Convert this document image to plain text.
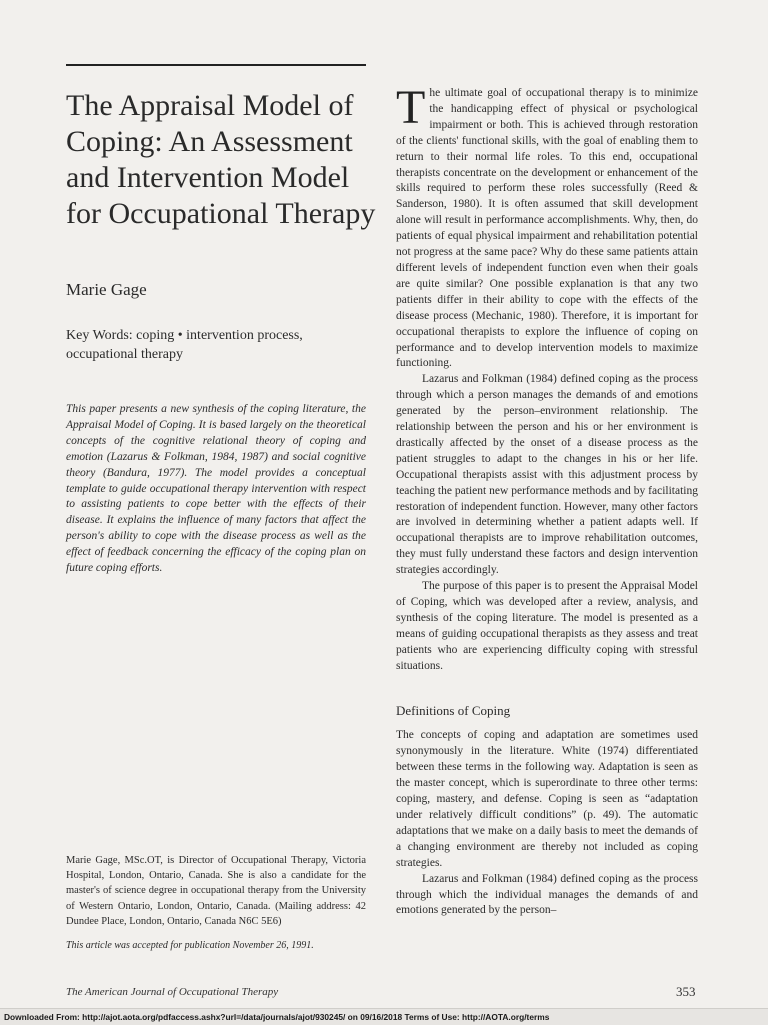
The Appraisal Model of Coping: An Assessment and Intervention Model for Occupational Therapy
Marie Gage
Key Words: coping • intervention process, occupational therapy

This paper presents a new synthesis of the coping literature, the Appraisal Model of Coping. It is based largely on the theoretical concepts of the cognitive relational theory of coping and emotion (Lazarus & Folkman, 1984, 1987) and social cognitive theory (Bandura, 1977). The model provides a conceptual template to guide occupational therapy intervention with respect to assisting patients to cope better with the effects of their disease. It explains the influence of many factors that affect the person's ability to cope with the disease process as well as the effect of feedback concerning the efficacy of the coping plan on future coping efforts.

Marie Gage, MSc.OT, is Director of Occupational Therapy, Victoria Hospital, London, Ontario, Canada. She is also a candidate for the master's of science degree in occupational therapy from the University of Western Ontario, London, Ontario, Canada. (Mailing address: 42 Dundee Place, London, Ontario, Canada N6C 5E6)

This article was accepted for publication November 26, 1991.

The ultimate goal of occupational therapy is to minimize the handicapping effect of physical or psychological impairment or both. This is achieved through restoration of the clients' functional skills, with the goal of enabling them to return to their normal life roles. To this end, occupational therapists concentrate on the development or enhancement of the skills required to perform these roles successfully (Reed & Sanderson, 1980). It is often assumed that skill development alone will result in performance accomplishments. Why, then, do patients of equal physical impairment and rehabilitation potential not progress at the same pace? Why do these same patients attain different levels of independent function even when their goals are quite similar? One possible explanation is that any two patients differ in their ability to cope with the effects of the disease process (Mechanic, 1980). Therefore, it is important for occupational therapists to explore the influence of coping on performance and to develop intervention models to maximize functioning.

Lazarus and Folkman (1984) defined coping as the process through which a person manages the demands of and emotions generated by the person–environment relationship. The relationship between the person and his or her environment is drastically affected by the onset of a disease process as the patient struggles to adapt to the changes in his or her life. Occupational therapists assist with this adjustment process by teaching the patient new performance methods and by facilitating restoration of independent function. However, many other factors are involved in determining whether a patient adapts well. If occupational therapists are to improve rehabilitation outcomes, they must fully understand these factors and design intervention strategies accordingly.

The purpose of this paper is to present the Appraisal Model of Coping, which was developed after a review, analysis, and synthesis of the coping literature. The model is presented as a means of guiding occupational therapists as they assess and treat patients who are experiencing difficulty coping with stressful situations.

Definitions of Coping

The concepts of coping and adaptation are sometimes used synonymously in the literature. White (1974) differentiated between these terms in the following way. Adaptation is seen as the master concept, which is superordinate to three other terms: coping, mastery, and defense. Coping is seen as “adaptation under relatively difficult conditions” (p. 49). The automatic adaptations that we make on a daily basis to meet the demands of a changing environment are thereby not included as coping strategies.

Lazarus and Folkman (1984) defined coping as the process through which the individual manages the demands of and emotions generated by the person–

The American Journal of Occupational Therapy	353
Downloaded From: http://ajot.aota.org/pdfaccess.ashx?url=/data/journals/ajot/930245/ on 09/16/2018 Terms of Use: http://AOTA.org/terms
